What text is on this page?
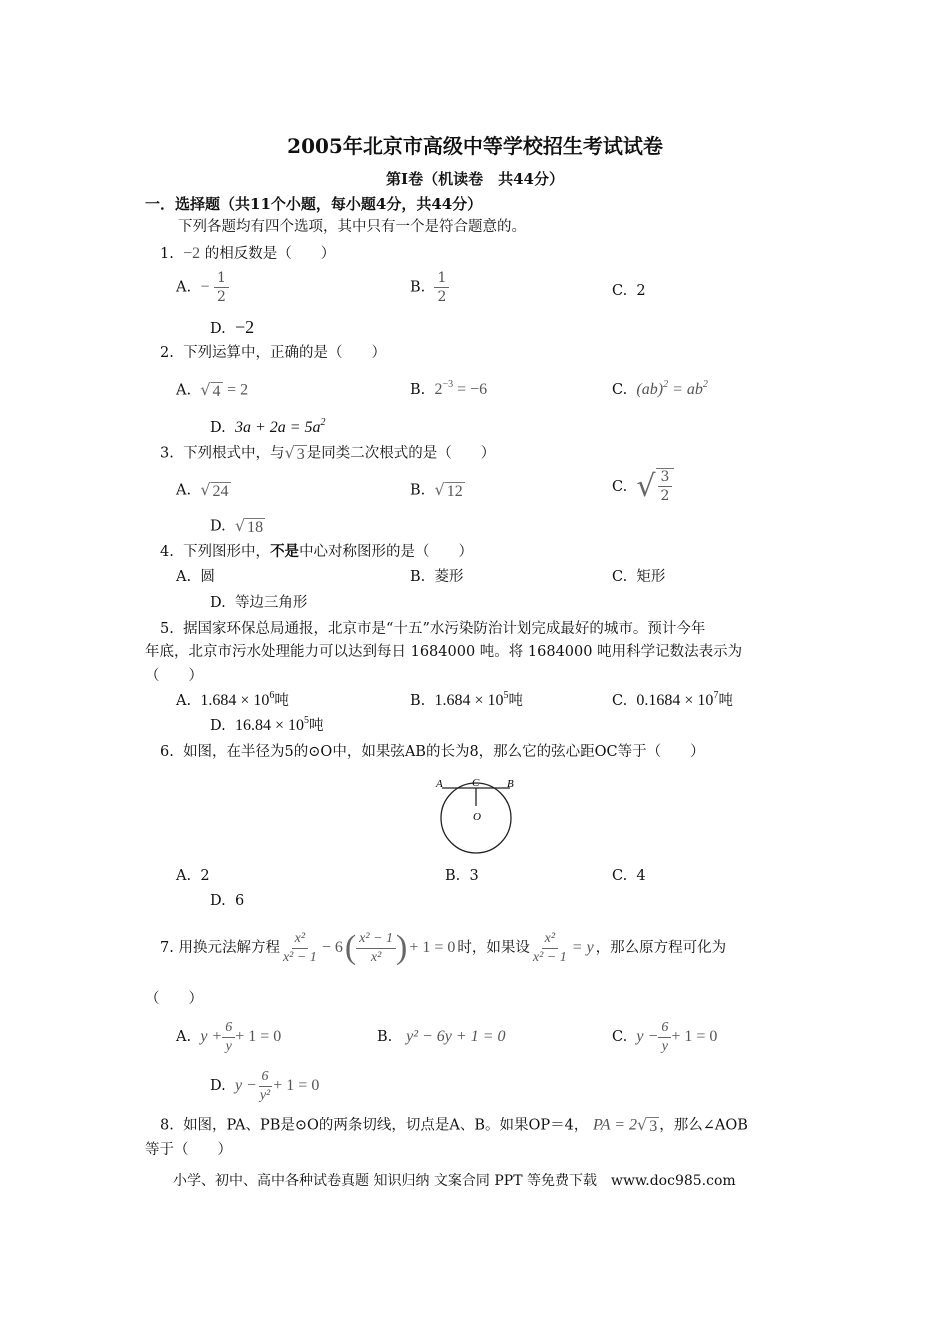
2005年北京市高级中等学校招生考试试卷
第Ⅰ卷（机读卷　共44分）
一．选择题（共11个小题，每小题4分，共44分）
下列各题均有四个选项，其中只有一个是符合题意的。
1. −2 的相反数是（　　）
A. − $\frac{1}{2}$	B. $\frac{1}{2}$	C. 2
D. −2
2. 下列运算中，正确的是（　　）
A. √ 4 = 2	B. $2^{-3} = -6$	C. $(ab)^2 = ab^2$
D. $3a + 2a = 5a^2$
3. 下列根式中，与 √ 3 是同类二次根式的是（　　）
A. √ 24	B. √ 12	C. √ $\frac{3}{2}$
D. √ 18
4. 下列图形中，不是中心对称图形的是（　　）
A. 圆	B. 菱形	C. 矩形
D. 等边三角形
5. 据国家环保总局通报，北京市是“十五”水污染防治计划完成最好的城市。预计今年
年底，北京市污水处理能力可以达到每日 1684000 吨。将 1684000 吨用科学记数法表示为
（　　）
A. $1.684 \times 10^6$吨	B. $1.684 \times 10^5$吨	C. $0.1684 \times 10^7$吨
D. $16.84 \times 10^5$吨
6. 如图，在半径为5的⊙O中，如果弦AB的长为8，那么它的弦心距OC等于（　　）
A	C	B
O
A. 2	B. 3	C. 4
D. 6
7.
用换元法解方程 $\frac{\text{x²}}{\text{x² − 1}} - 6$ ( $\frac{\text{x² − 1}}{\text{x²}}$ ) + 1 = 0 时，如果设 $\frac{\text{x²}}{\text{x² − 1}} = y$ ，那么原方程可化为
（　　）
A.
$y + \frac{6}{y} + 1 = 0$	B. y² − 6y + 1 = 0	C.
$y - \frac{6}{y} + 1 = 0$
D.
$y - \frac{6}{\text{y²}} + 1 = 0$
8. 如图，PA、PB是⊙O的两条切线，切点是A、B。如果OP＝4， PA = 2 √ 3 ，那么∠AOB
等于（　　）
小学、初中、高中各种试卷真题 知识归纳 文案合同 PPT 等免费下载　www.doc985.com
